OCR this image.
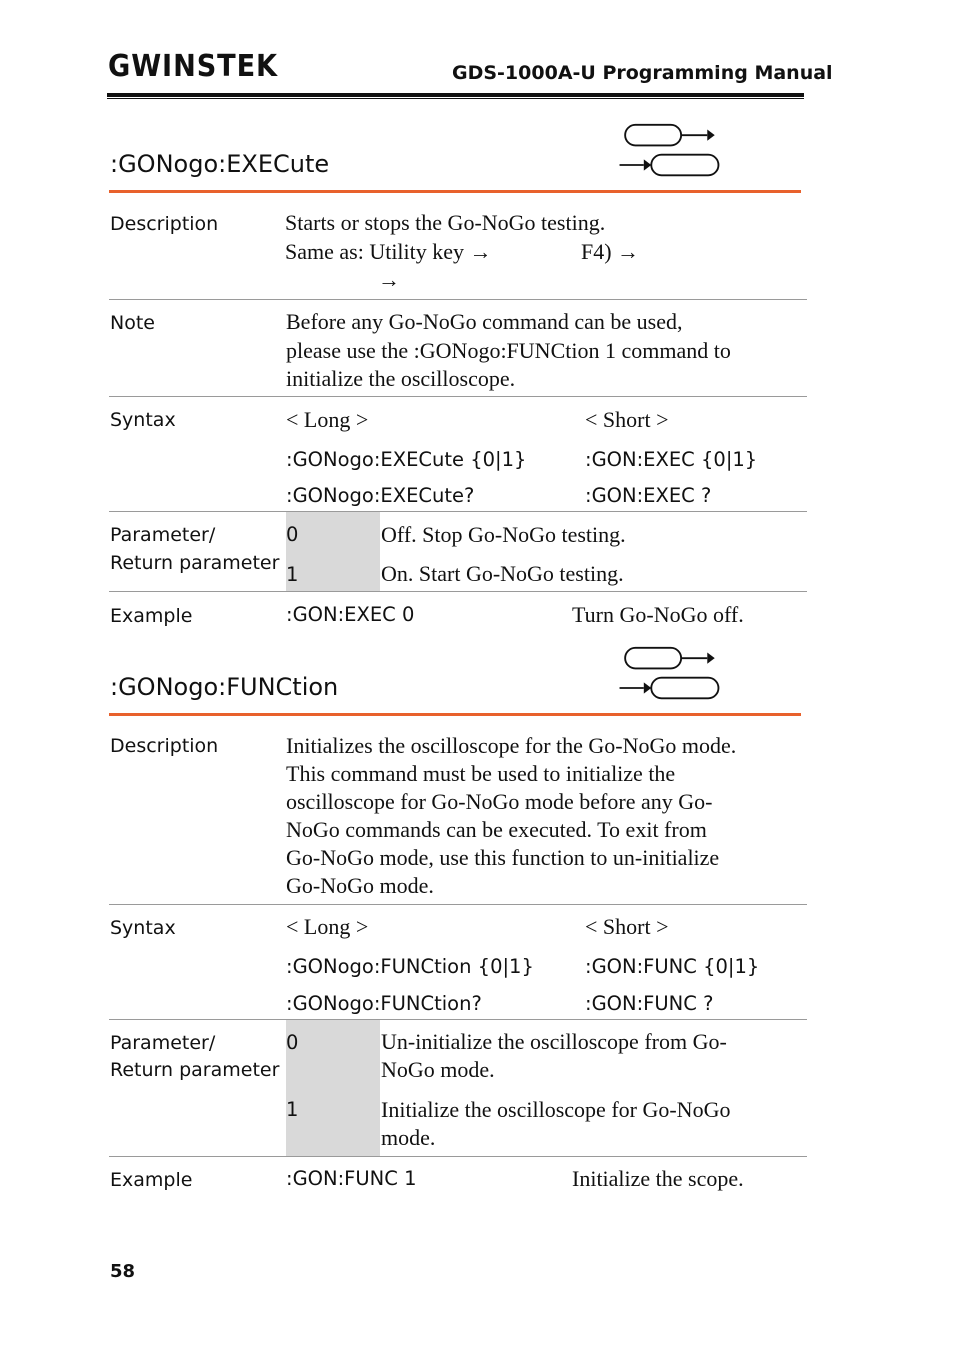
GWINSTEK	GDS-1000A-U Programming Manual
:GONogo:EXECute
Description	Starts or stops the Go-NoGo testing.
Same as: Utility key →	F4) →
→
Note	Before any Go-NoGo command can be used,
please use the :GONogo:FUNCtion 1 command to
initialize the oscilloscope.
Syntax	< Long >	< Short >
:GONogo:EXECute {0|1}	:GON:EXEC {0|1}
:GONogo:EXECute?	:GON:EXEC ?
Parameter/
Return parameter
0	Off. Stop Go-NoGo testing.
1	On. Start Go-NoGo testing.
Example	:GON:EXEC 0	Turn Go-NoGo off.
:GONogo:FUNCtion
Description	Initializes the oscilloscope for the Go-NoGo mode.
This command must be used to initialize the
oscilloscope for Go-NoGo mode before any Go-
NoGo commands can be executed. To exit from
Go-NoGo mode, use this function to un-initialize
Go-NoGo mode.
Syntax	< Long >	< Short >
:GONogo:FUNCtion {0|1}	:GON:FUNC {0|1}
:GONogo:FUNCtion?	:GON:FUNC ?
Parameter/
Return parameter
0	Un-initialize the oscilloscope from Go-
NoGo mode.
1	Initialize the oscilloscope for Go-NoGo
mode.
Example	:GON:FUNC 1	Initialize the scope.
58
